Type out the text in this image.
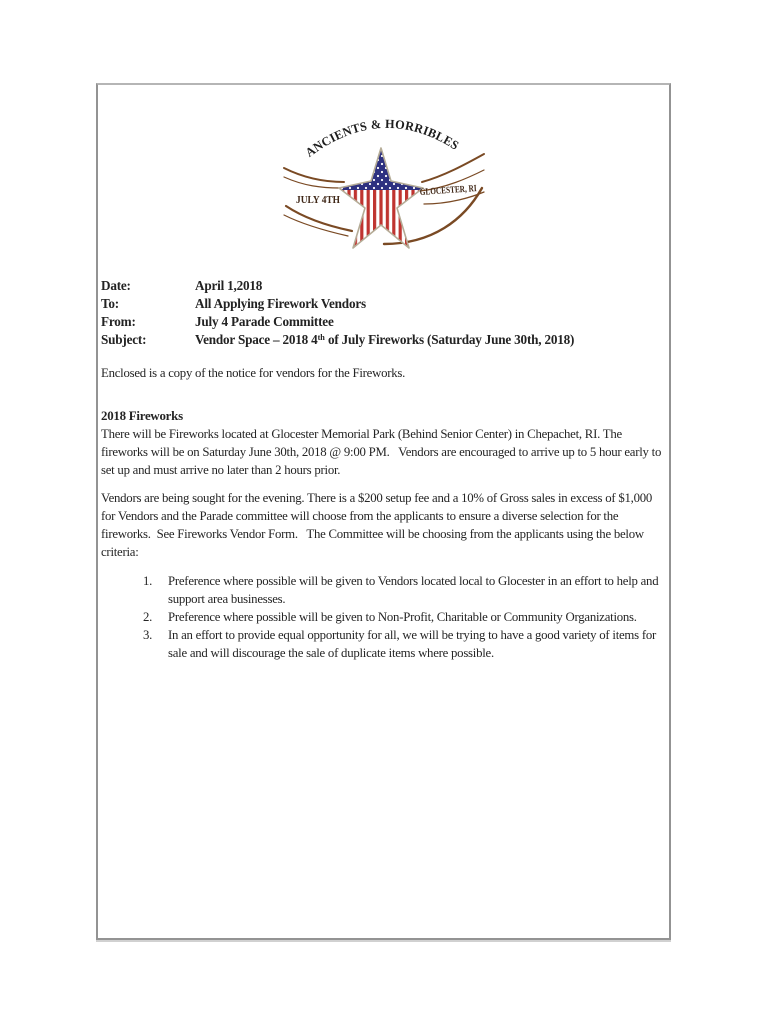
ANCIENTS & HORRIBLES
JULY 4TH
GLOCESTER, RI
Date:	April 1,2018
To:	All Applying Firework Vendors
From:	July 4 Parade Committee
Subject:	Vendor Space – 2018 4th of July Fireworks (Saturday June 30th, 2018)

Enclosed is a copy of the notice for vendors for the Fireworks.

2018 Fireworks

There will be Fireworks located at Glocester Memorial Park (Behind Senior Center) in Chepachet, RI. The fireworks will be on Saturday June 30th, 2018 @ 9:00 PM.   Vendors are encouraged to arrive up to 5 hour early to set up and must arrive no later than 2 hours prior.

Vendors are being sought for the evening. There is a $200 setup fee and a 10% of Gross sales in excess of $1,000 for Vendors and the Parade committee will choose from the applicants to ensure a diverse selection for the fireworks.  See Fireworks Vendor Form.   The Committee will be choosing from the applicants using the below criteria:

1.	Preference where possible will be given to Vendors located local to Glocester in an effort to help and support area businesses.
2.	Preference where possible will be given to Non-Profit, Charitable or Community Organizations.
3.	In an effort to provide equal opportunity for all, we will be trying to have a good variety of items for sale and will discourage the sale of duplicate items where possible.
